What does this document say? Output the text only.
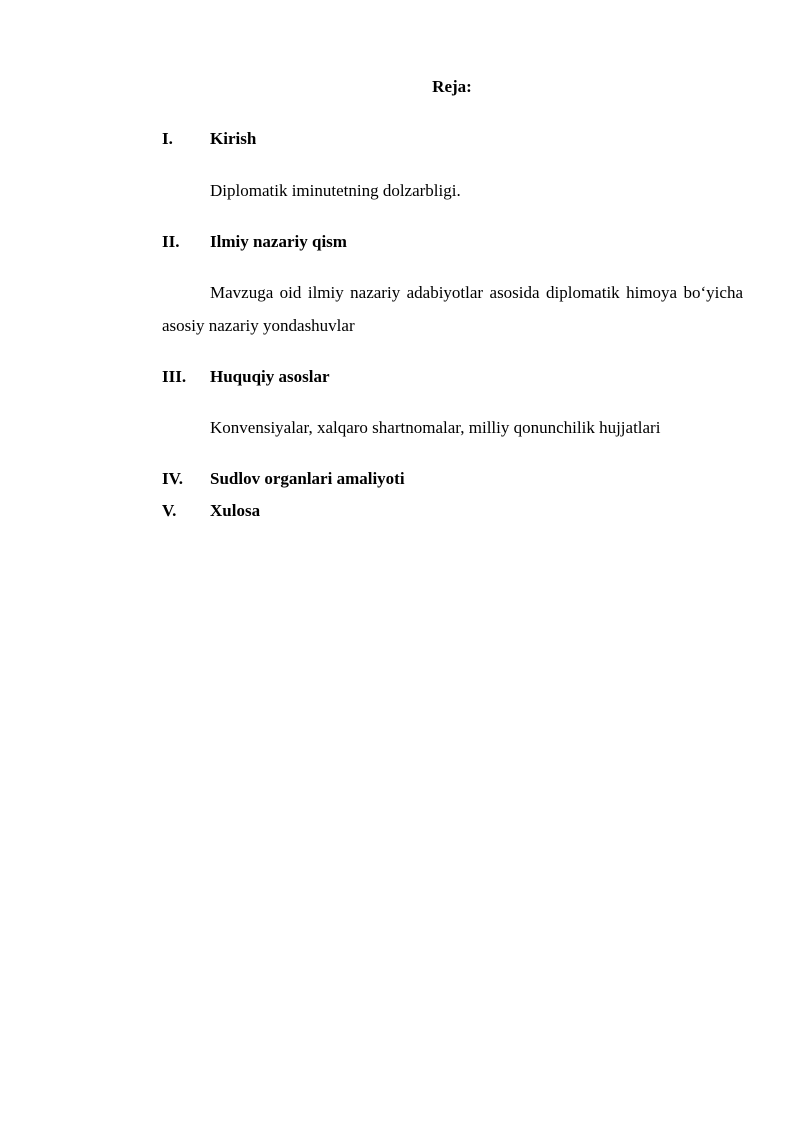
Reja:
I. Kirish
Diplomatik iminutetning dolzarbligi.
II. Ilmiy nazariy qism
Mavzuga oid ilmiy nazariy adabiyotlar asosida diplomatik himoya bo‘yicha asosiy nazariy yondashuvlar
III. Huquqiy asoslar
Konvensiyalar, xalqaro shartnomalar, milliy qonunchilik hujjatlari
IV. Sudlov organlari amaliyoti
V. Xulosa
